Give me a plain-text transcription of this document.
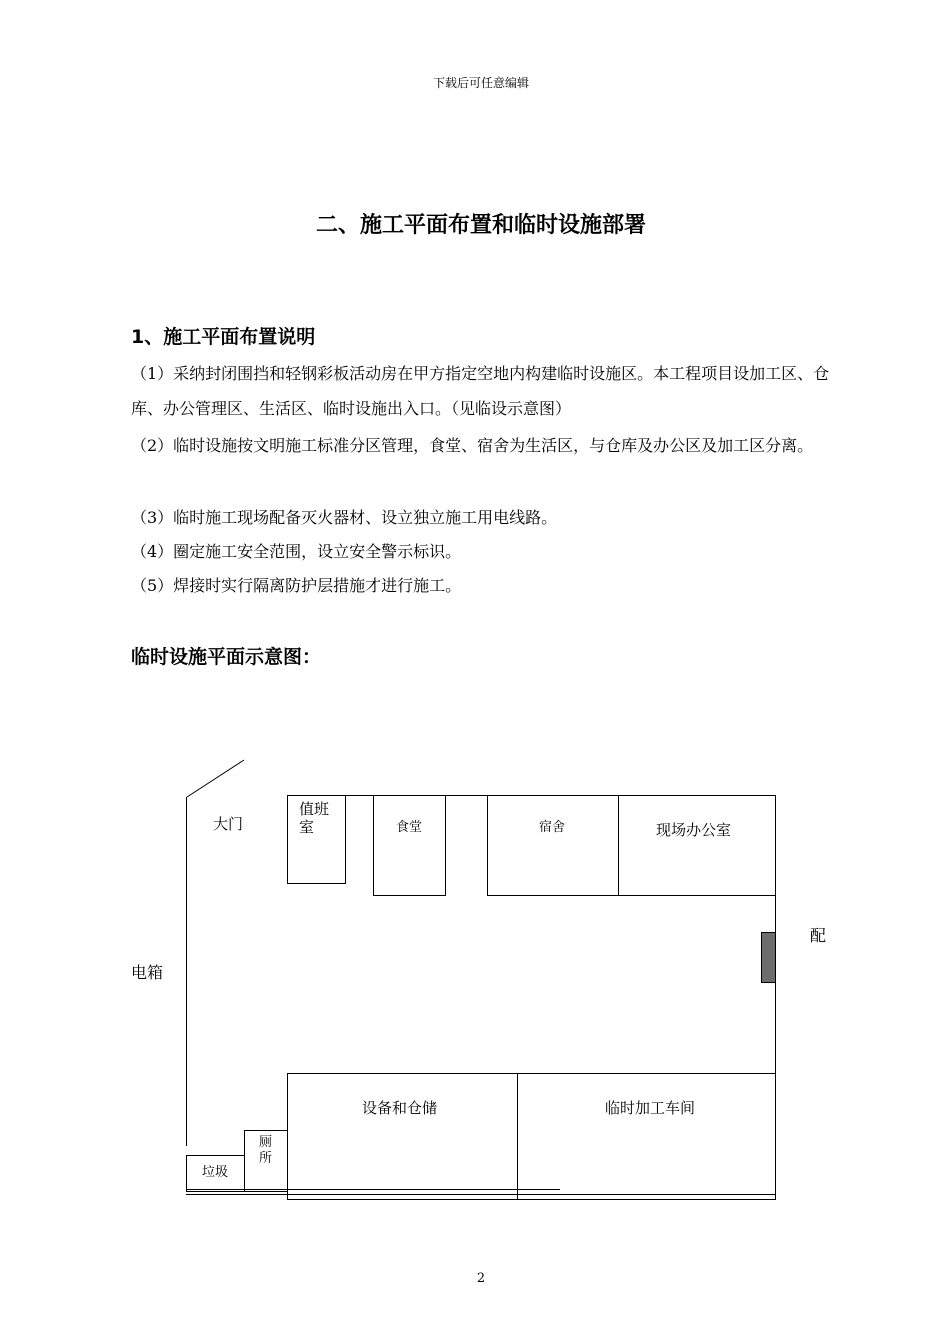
下载后可任意编辑
二、施工平面布置和临时设施部署
1、施工平面布置说明
（1）采纳封闭围挡和轻钢彩板活动房在甲方指定空地内构建临时设施区。本工程项目设加工区、仓库、办公管理区、生活区、临时设施出入口。（见临设示意图）
（2）临时设施按文明施工标准分区管理，食堂、宿舍为生活区，与仓库及办公区及加工区分离。
（3）临时施工现场配备灭火器材、设立独立施工用电线路。
（4）圈定施工安全范围，设立安全警示标识。
（5）焊接时实行隔离防护层措施才进行施工。
临时设施平面示意图：
大门
值班
室	食堂	宿舍	现场办公室
配
电箱
设备和仓储	临时加工车间
厕
所
垃圾
2
